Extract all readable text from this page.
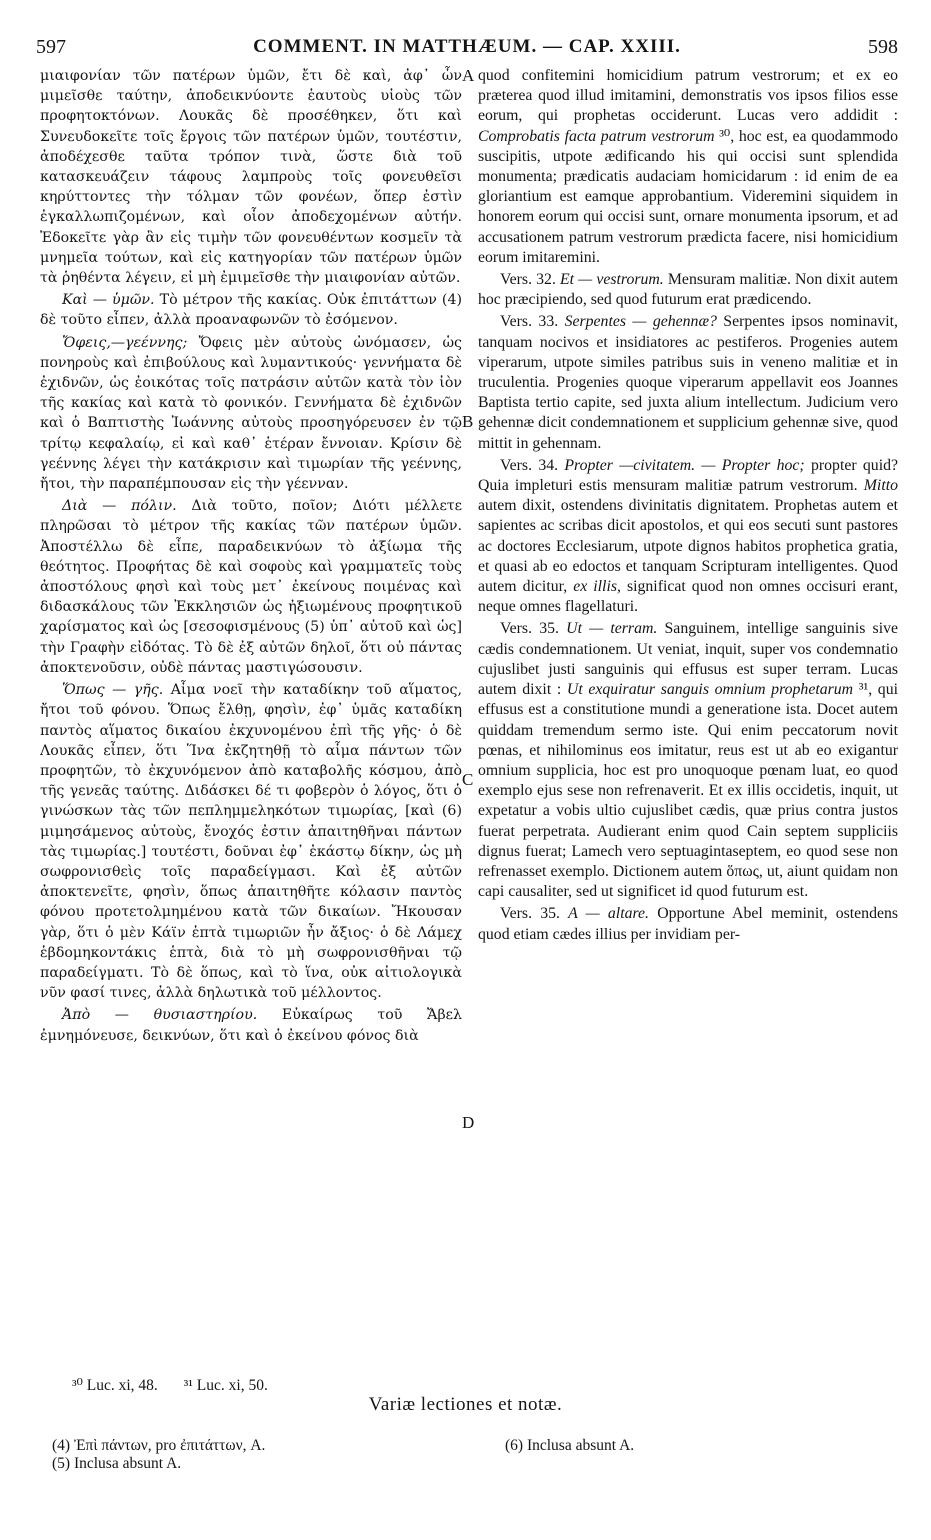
597	COMMENT. IN MATTHÆUM. — CAP. XXIII.	598

μιαιφονίαν τῶν πατέρων ὑμῶν, ἔτι δὲ καὶ, ἀφ᾽ ὧν μιμεῖσθε ταύτην, ἀποδεικνύοντε ἑαυτοὺς υἱοὺς τῶν προφητοκτόνων. Λουκᾶς δὲ προσέθηκεν, ὅτι καὶ Συνευδοκεῖτε τοῖς ἔργοις τῶν πατέρων ὑμῶν, τουτέστιν, ἀποδέχεσθε ταῦτα τρόπον τινὰ, ὥστε διὰ τοῦ κατασκευάζειν τάφους λαμπροὺς τοῖς φονευθεῖσι κηρύττοντες τὴν τόλμαν τῶν φονέων, ὅπερ ἐστὶν ἐγκαλλωπιζομένων, καὶ οἷον ἀποδεχομένων αὐτήν. Ἐδοκεῖτε γὰρ ἂν εἰς τιμὴν τῶν φονευθέντων κοσμεῖν τὰ μνημεῖα τούτων, καὶ εἰς κατηγορίαν τῶν πατέρων ὑμῶν τὰ ῥηθέντα λέγειν, εἰ μὴ ἐμιμεῖσθε τὴν μιαιφονίαν αὐτῶν.

Καὶ — ὑμῶν. Τὸ μέτρον τῆς κακίας. Οὐκ ἐπιτάττων (4) δὲ τοῦτο εἶπεν, ἀλλὰ προαναφωνῶν τὸ ἐσόμενον.

Ὄφεις,—γεέννης; Ὄφεις μὲν αὐτοὺς ὠνόμασεν, ὡς πονηροὺς καὶ ἐπιβούλους καὶ λυμαντικούς· γεννήματα δὲ ἐχιδνῶν, ὡς ἐοικότας τοῖς πατράσιν αὐτῶν κατὰ τὸν ἰὸν τῆς κακίας καὶ κατὰ τὸ φονικόν. Γεννήματα δὲ ἐχιδνῶν καὶ ὁ Βαπτιστὴς Ἰωάννης αὐτοὺς προσηγόρευσεν ἐν τῷ τρίτῳ κεφαλαίῳ, εἰ καὶ καθ᾽ ἑτέραν ἔννοιαν. Κρίσιν δὲ γεέννης λέγει τὴν κατάκρισιν καὶ τιμωρίαν τῆς γεέννης, ἤτοι, τὴν παραπέμπουσαν εἰς τὴν γέενναν.

Διὰ — πόλιν. Διὰ τοῦτο, ποῖον; Διότι μέλλετε πληρῶσαι τὸ μέτρον τῆς κακίας τῶν πατέρων ὑμῶν. Ἀποστέλλω δὲ εἶπε, παραδεικνύων τὸ ἀξίωμα τῆς θεότητος. Προφήτας δὲ καὶ σοφοὺς καὶ γραμματεῖς τοὺς ἀποστόλους φησὶ καὶ τοὺς μετ᾽ ἐκείνους ποιμένας καὶ διδασκάλους τῶν Ἐκκλησιῶν ὡς ἠξιωμένους προφητικοῦ χαρίσματος καὶ ὡς [σεσοφισμένους (5) ὑπ᾽ αὐτοῦ καὶ ὡς] τὴν Γραφὴν εἰδότας. Τὸ δὲ ἐξ αὐτῶν δηλοῖ, ὅτι οὐ πάντας ἀποκτενοῦσιν, οὐδὲ πάντας μαστιγώσουσιν.

Ὅπως — γῆς. Αἷμα νοεῖ τὴν καταδίκην τοῦ αἵματος, ἤτοι τοῦ φόνου. Ὅπως ἔλθῃ, φησὶν, ἐφ᾽ ὑμᾶς καταδίκη παντὸς αἵματος δικαίου ἐκχυνομένου ἐπὶ τῆς γῆς· ὁ δὲ Λουκᾶς εἶπεν, ὅτι Ἵνα ἐκζητηθῇ τὸ αἷμα πάντων τῶν προφητῶν, τὸ ἐκχυνόμενον ἀπὸ καταβολῆς κόσμου, ἀπὸ τῆς γενεᾶς ταύτης. Διδάσκει δέ τι φοβερὸν ὁ λόγος, ὅτι ὁ γινώσκων τὰς τῶν πεπλημμεληκότων τιμωρίας, [καὶ (6) μιμησάμενος αὐτοὺς, ἔνοχός ἐστιν ἀπαιτηθῆναι πάντων τὰς τιμωρίας.] τουτέστι, δοῦναι ἐφ᾽ ἑκάστῳ δίκην, ὡς μὴ σωφρονισθεὶς τοῖς παραδείγμασι. Καὶ ἐξ αὐτῶν ἀποκτενεῖτε, φησὶν, ὅπως ἀπαιτηθῆτε κόλασιν παντὸς φόνου προτετολμημένου κατὰ τῶν δικαίων. Ἤκουσαν γὰρ, ὅτι ὁ μὲν Κάϊν ἑπτὰ τιμωριῶν ἦν ἄξιος· ὁ δὲ Λάμεχ ἑβδομηκοντάκις ἑπτὰ, διὰ τὸ μὴ σωφρονισθῆναι τῷ παραδείγματι. Τὸ δὲ ὅπως, καὶ τὸ ἵνα, οὐκ αἰτιολογικὰ νῦν φασί τινες, ἀλλὰ δηλωτικὰ τοῦ μέλλοντος.

Ἀπὸ — θυσιαστηρίου. Εὐκαίρως τοῦ Ἄβελ ἐμνημόνευσε, δεικνύων, ὅτι καὶ ὁ ἐκείνου φόνος διὰ

A
B
C
D

quod confitemini homicidium patrum vestrorum; et ex eo præterea quod illud imitamini, demonstratis vos ipsos filios esse eorum, qui prophetas occiderunt. Lucas vero addidit : Comprobatis facta patrum vestrorum ³⁰, hoc est, ea quodammodo suscipitis, utpote ædificando his qui occisi sunt splendida monumenta; prædicatis audaciam homicidarum : id enim de ea gloriantium est eamque approbantium. Videremini siquidem in honorem eorum qui occisi sunt, ornare monumenta ipsorum, et ad accusationem patrum vestrorum prædicta facere, nisi homicidium eorum imitaremini.

Vers. 32. Et — vestrorum. Mensuram malitiæ. Non dixit autem hoc præcipiendo, sed quod futurum erat prædicendo.

Vers. 33. Serpentes — gehennæ? Serpentes ipsos nominavit, tanquam nocivos et insidiatores ac pestiferos. Progenies autem viperarum, utpote similes patribus suis in veneno malitiæ et in truculentia. Progenies quoque viperarum appellavit eos Joannes Baptista tertio capite, sed juxta alium intellectum. Judicium vero gehennæ dicit condemnationem et supplicium gehennæ sive, quod mittit in gehennam.

Vers. 34. Propter —civitatem. — Propter hoc; propter quid? Quia impleturi estis mensuram malitiæ patrum vestrorum. Mitto autem dixit, ostendens divinitatis dignitatem. Prophetas autem et sapientes ac scribas dicit apostolos, et qui eos secuti sunt pastores ac doctores Ecclesiarum, utpote dignos habitos prophetica gratia, et quasi ab eo edoctos et tanquam Scripturam intelligentes. Quod autem dicitur, ex illis, significat quod non omnes occisuri erant, neque omnes flagellaturi.

Vers. 35. Ut — terram. Sanguinem, intellige sanguinis sive cædis condemnationem. Ut veniat, inquit, super vos condemnatio cujuslibet justi sanguinis qui effusus est super terram. Lucas autem dixit : Ut exquiratur sanguis omnium prophetarum ³¹, qui effusus est a constitutione mundi a generatione ista. Docet autem quiddam tremendum sermo iste. Qui enim peccatorum novit pœnas, et nihilominus eos imitatur, reus est ut ab eo exigantur omnium supplicia, hoc est pro unoquoque pœnam luat, eo quod exemplo ejus sese non refrenaverit. Et ex illis occidetis, inquit, ut expetatur a vobis ultio cujuslibet cædis, quæ prius contra justos fuerat perpetrata. Audierant enim quod Cain septem suppliciis dignus fuerat; Lamech vero septuagintaseptem, eo quod sese non refrenasset exemplo. Dictionem autem ὅπως, ut, aiunt quidam non capi causaliter, sed ut significet id quod futurum est.

Vers. 35. A — altare. Opportune Abel meminit, ostendens quod etiam cædes illius per invidiam per-

³⁰ Luc. xi, 48. ³¹ Luc. xi, 50.
Variæ lectiones et notæ.
(4) Ἐπὶ πάντων, pro ἐπιτάττων, A.
(5) Inclusa absunt A.
(6) Inclusa absunt A.
